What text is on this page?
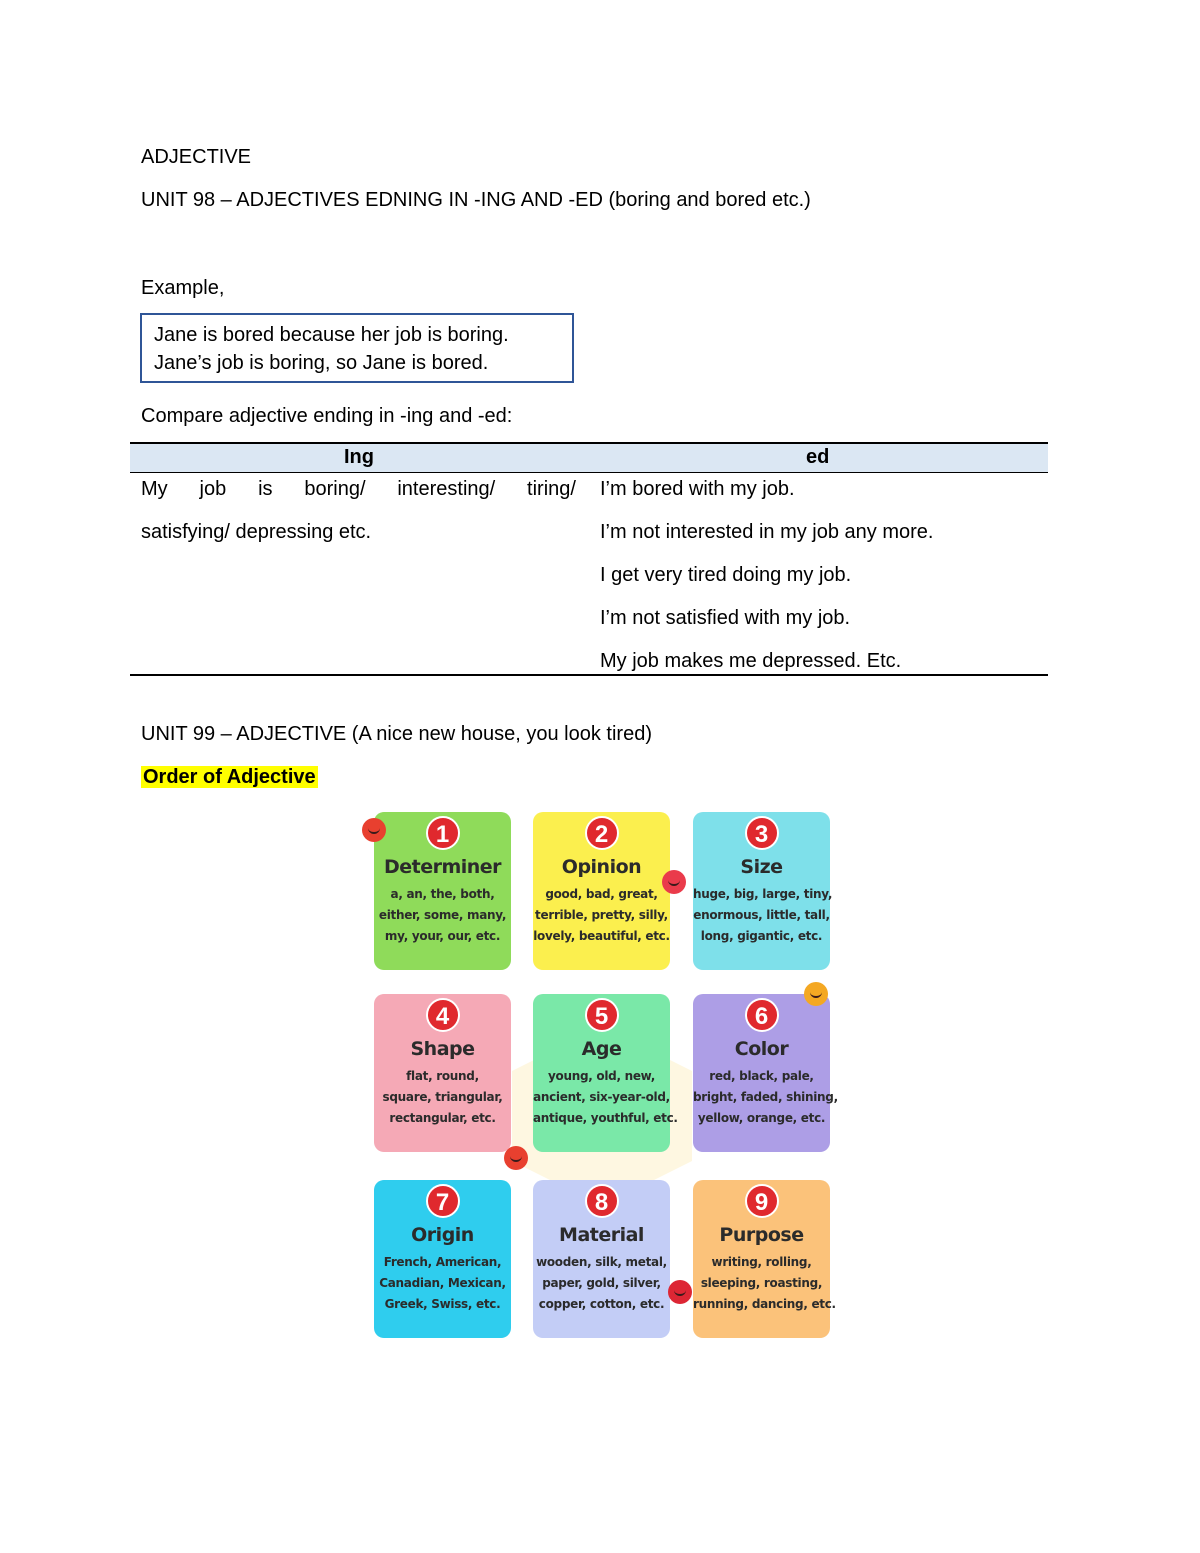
ADJECTIVE
UNIT 98 – ADJECTIVES EDNING IN -ING AND -ED (boring and bored etc.)
Example,
Jane is bored because her job is boring.
Jane’s job is boring, so Jane is bored.
Compare adjective ending in -ing and -ed:
Ing	ed
My job is boring/ interesting/ tiring/
satisfying/ depressing etc.
I’m bored with my job.
I’m not interested in my job any more.
I get very tired doing my job.
I’m not satisfied with my job.
My job makes me depressed. Etc.
UNIT 99 – ADJECTIVE (A nice new house, you look tired)
Order of Adjective
1
Determiner
a, an, the, both,
either, some, many,
my, your, our, etc.
2
Opinion
good, bad, great,
terrible, pretty, silly,
lovely, beautiful, etc.
3
Size
huge, big, large, tiny,
enormous, little, tall,
long, gigantic, etc.
4
Shape
flat, round,
square, triangular,
rectangular, etc.
5
Age
young, old, new,
ancient, six-year-old,
antique, youthful, etc.
6
Color
red, black, pale,
bright, faded, shining,
yellow, orange, etc.
7
Origin
French, American,
Canadian, Mexican,
Greek, Swiss, etc.
8
Material
wooden, silk, metal,
paper, gold, silver,
copper, cotton, etc.
9
Purpose
writing, rolling,
sleeping, roasting,
running, dancing, etc.
